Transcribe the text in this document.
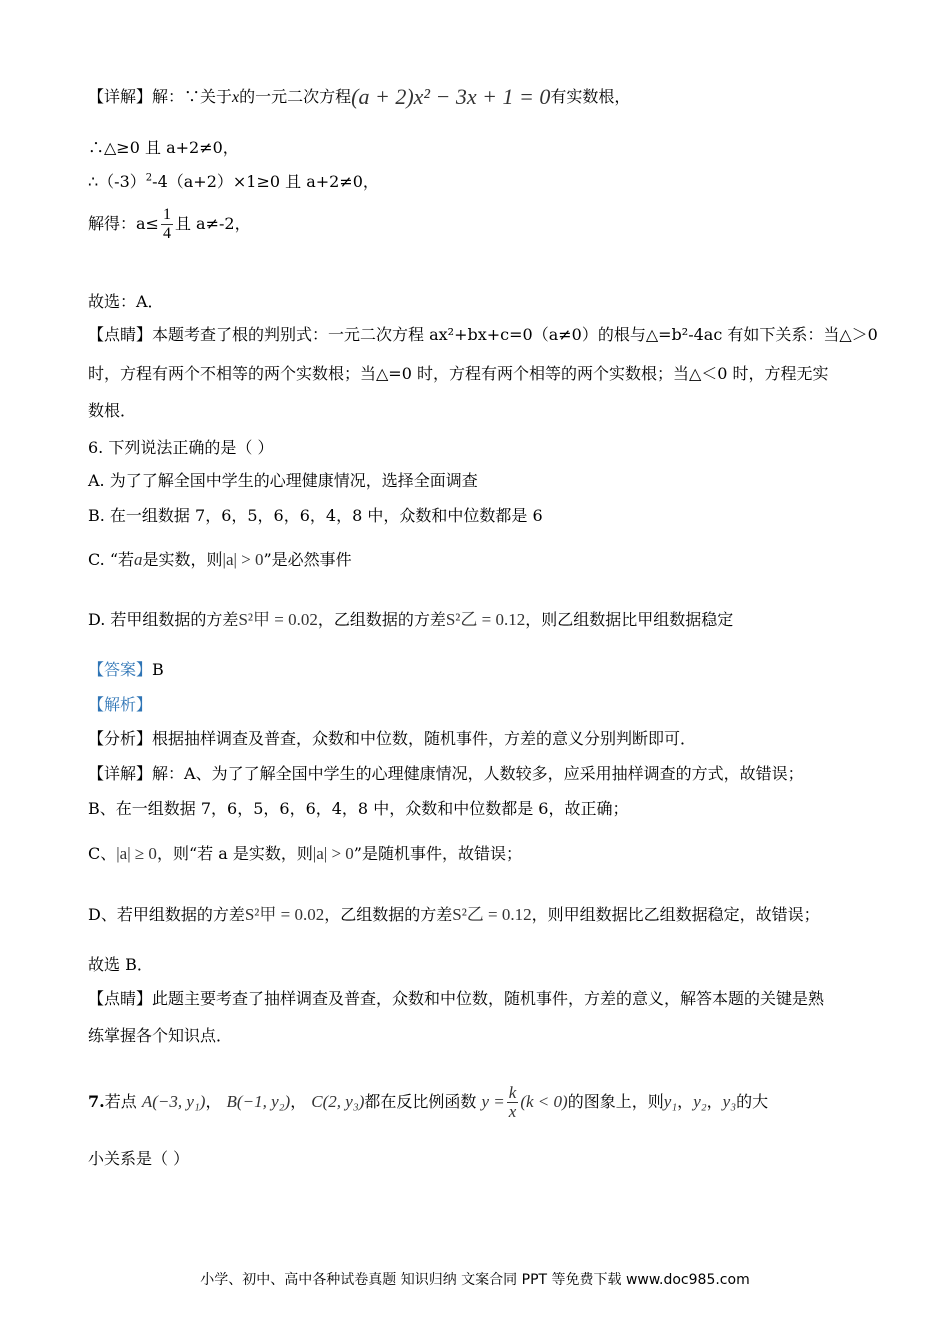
【详解】解：∵关于x的一元二次方程(a + 2)x² − 3x + 1 = 0有实数根，
∴△≥0 且 a+2≠0，
$\therefore(-3)^2-4(a+2)\times 1\ge 0$ 且 a+2≠0，
解得：$a\le \frac{1}{4}$ 且 a≠-2，
故选：A．
【点睛】本题考查了根的判别式：一元二次方程 ax²+bx+c=0（a≠0）的根与△=b²-4ac 有如下关系：当△＞0
时，方程有两个不相等的两个实数根；当△=0 时，方程有两个相等的两个实数根；当△＜0 时，方程无实
数根．
6. 下列说法正确的是（ ）
A. 为了了解全国中学生的心理健康情况，选择全面调查
B. 在一组数据 7，6，5，6，6，4，8 中，众数和中位数都是 6
C. “若a是实数，则|a| > 0”是必然事件
D. 若甲组数据的方差S²甲 = 0.02，乙组数据的方差S²乙 = 0.12，则乙组数据比甲组数据稳定
【答案】B
【解析】
【分析】根据抽样调查及普查，众数和中位数，随机事件，方差的意义分别判断即可．
【详解】解：A、为了了解全国中学生的心理健康情况，人数较多，应采用抽样调查的方式，故错误；
B、在一组数据 7，6，5，6，6，4，8 中，众数和中位数都是 6，故正确；
C、|a| ≥ 0，则“若 a 是实数，则|a| > 0”是随机事件，故错误；
D、若甲组数据的方差S²甲 = 0.02，乙组数据的方差S²乙 = 0.12，则甲组数据比乙组数据稳定，故错误；
故选 B．
【点睛】此题主要考查了抽样调查及普查，众数和中位数，随机事件，方差的意义，解答本题的关键是熟
练掌握各个知识点．
7.若点 A(−3, y₁)， B(−1, y₂)， C(2, y₃)都在反比例函数 $y = \frac{k}{x} (k < 0)$的图象上，则y₁，y₂，y₃的大
小关系是（ ）
小学、初中、高中各种试卷真题 知识归纳 文案合同 PPT 等免费下载 www.doc985.com
